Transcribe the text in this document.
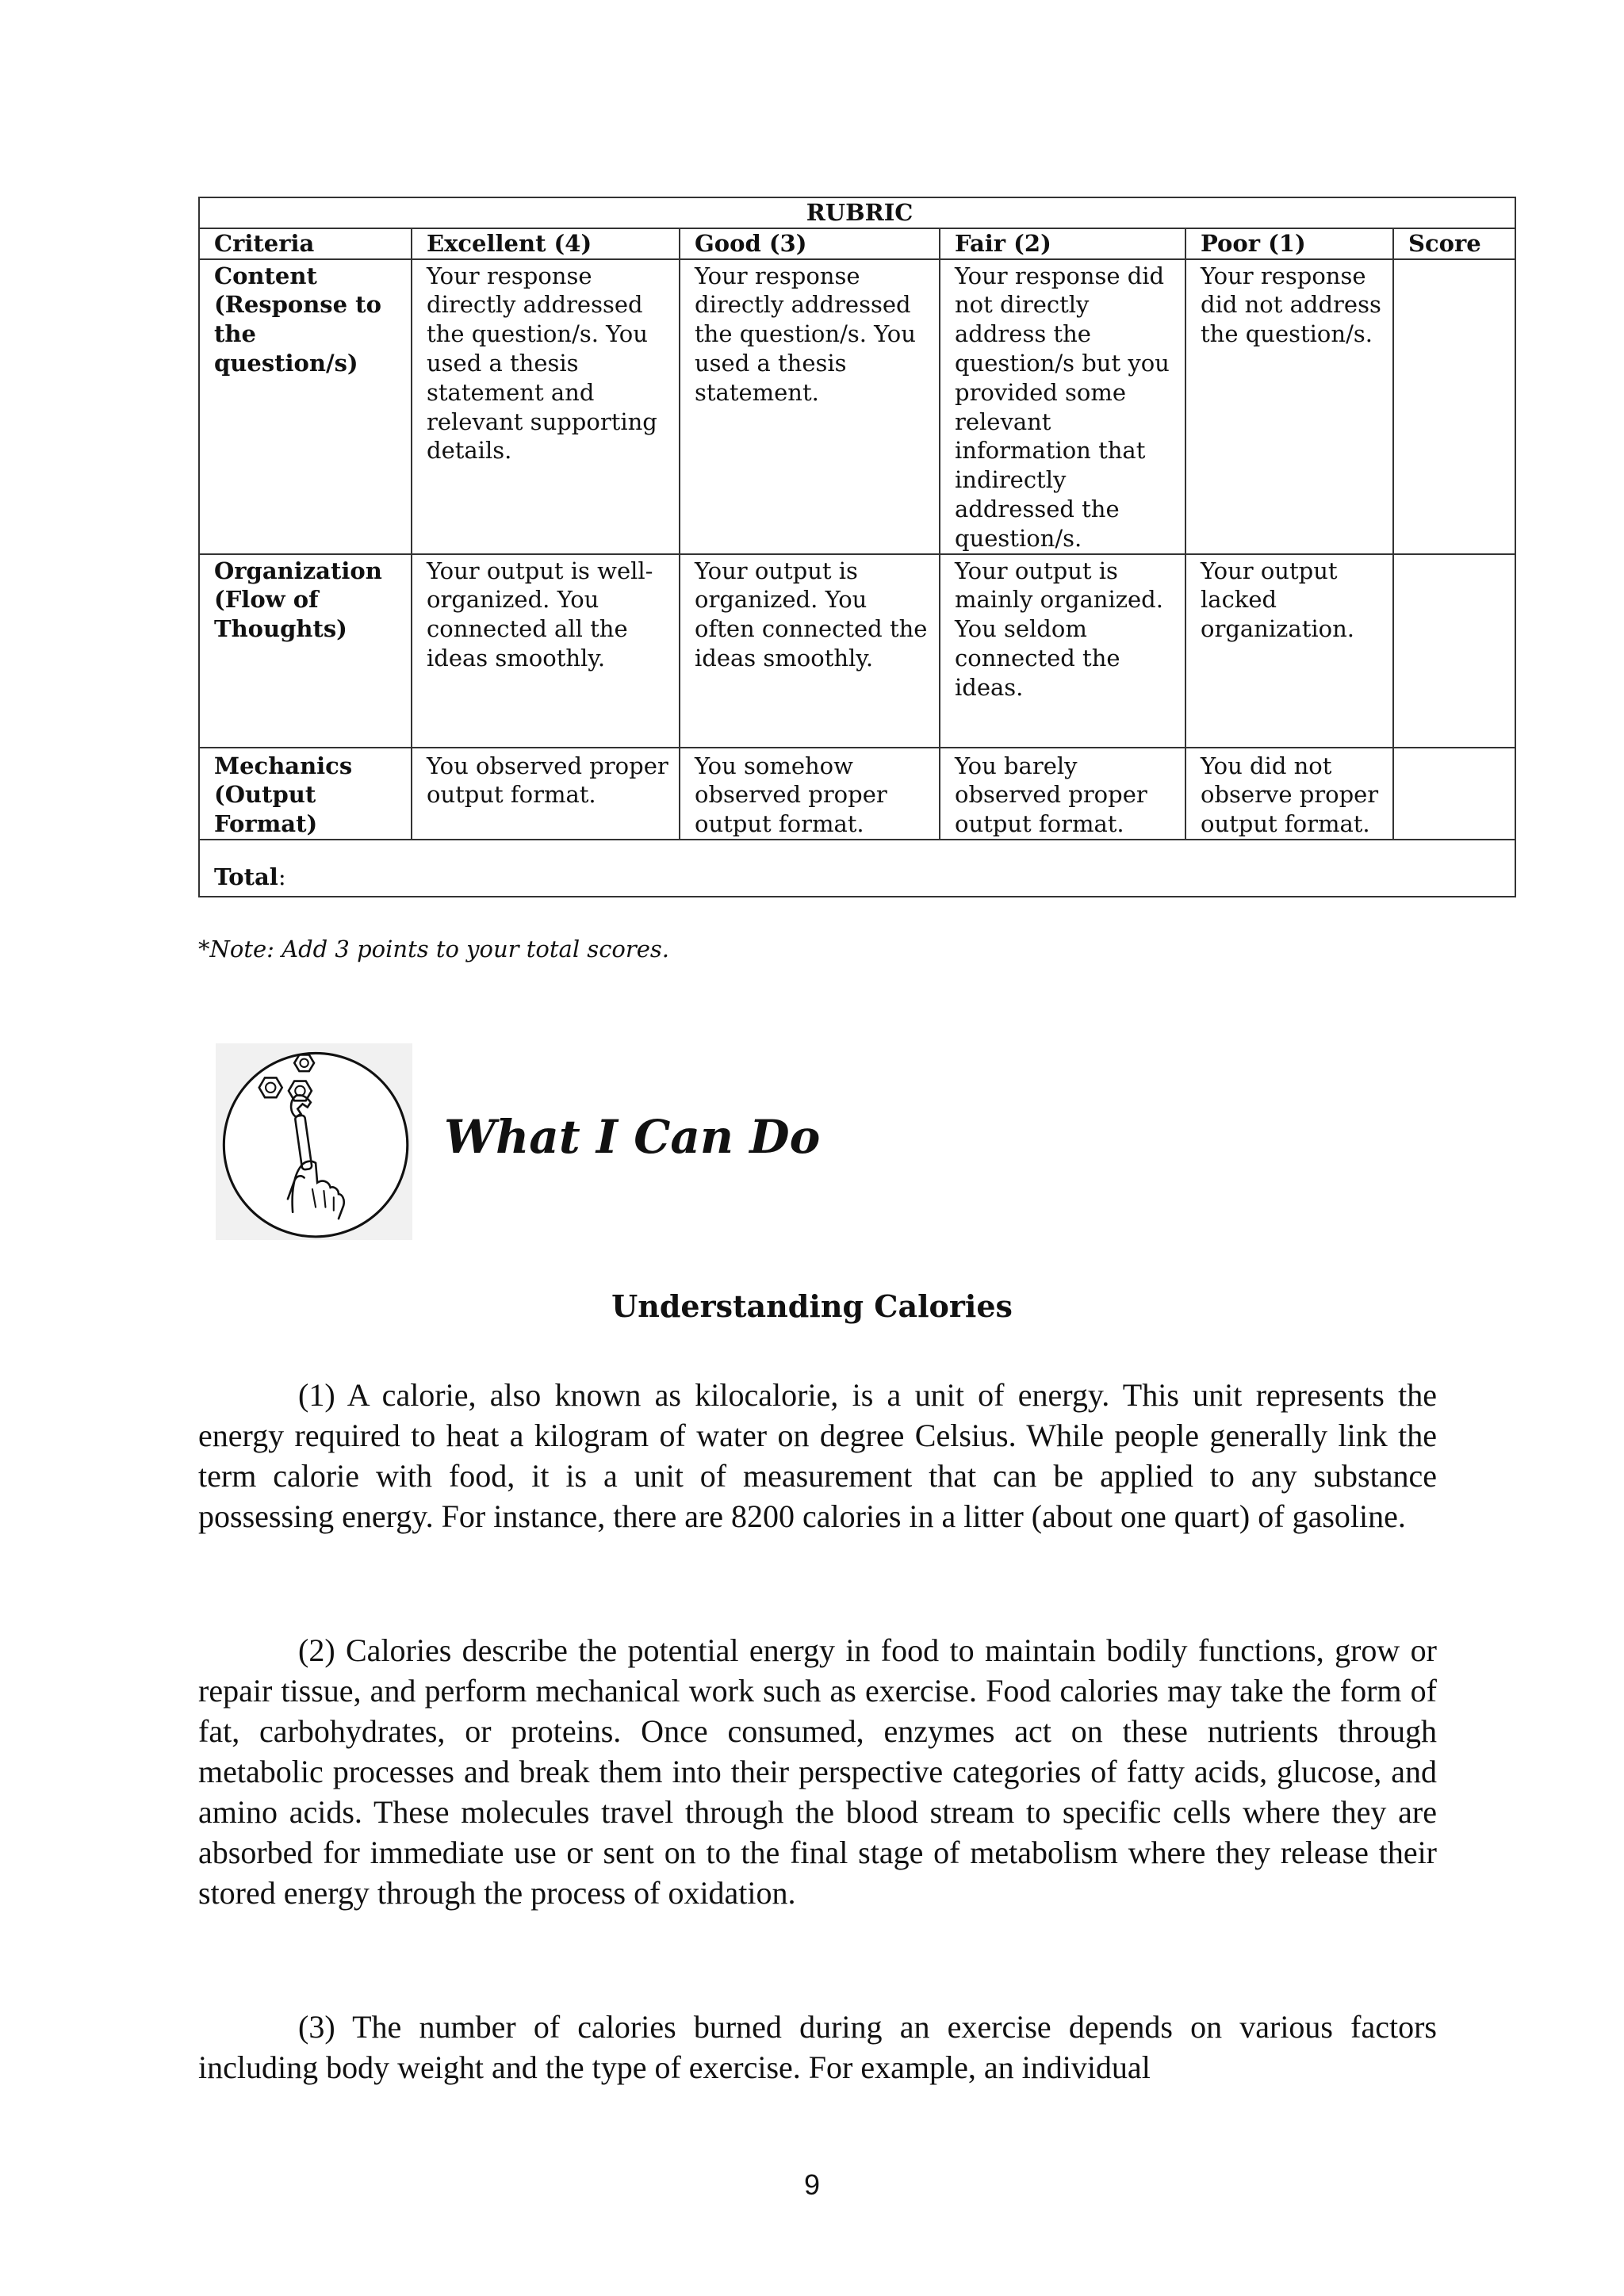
RUBRIC					
Criteria	Excellent (4)	Good (3)	Fair (2)	Poor (1)	Score
Content (Response to the question/s)	Your response directly addressed the question/s. You used a thesis statement and relevant supporting details.	Your response directly addressed the question/s. You used a thesis statement.	Your response did not directly address the question/s but you provided some relevant information that indirectly addressed the question/s.	Your response did not address the question/s.	
Organization (Flow of Thoughts)	Your output is well-organized. You connected all the ideas smoothly.	Your output is organized. You often connected the ideas smoothly.	Your output is mainly organized. You seldom connected the ideas.	Your output lacked organization.	
Mechanics (Output Format)	You observed proper output format.	You somehow observed proper output format.	You barely observed proper output format.	You did not observe proper output format.	
Total:					
*Note: Add 3 points to your total scores.
What I Can Do
Understanding Calories

(1) A calorie, also known as kilocalorie, is a unit of energy. This unit represents the energy required to heat a kilogram of water on degree Celsius. While people generally link the term calorie with food, it is a unit of measurement that can be applied to any substance possessing energy. For instance, there are 8200 calories in a litter (about one quart) of gasoline.

(2) Calories describe the potential energy in food to maintain bodily functions, grow or repair tissue, and perform mechanical work such as exercise. Food calories may take the form of fat, carbohydrates, or proteins. Once consumed, enzymes act on these nutrients through metabolic processes and break them into their perspective categories of fatty acids, glucose, and amino acids. These molecules travel through the blood stream to specific cells where they are absorbed for immediate use or sent on to the final stage of metabolism where they release their stored energy through the process of oxidation.

(3) The number of calories burned during an exercise depends on various factors including body weight and the type of exercise. For example, an individual

9
